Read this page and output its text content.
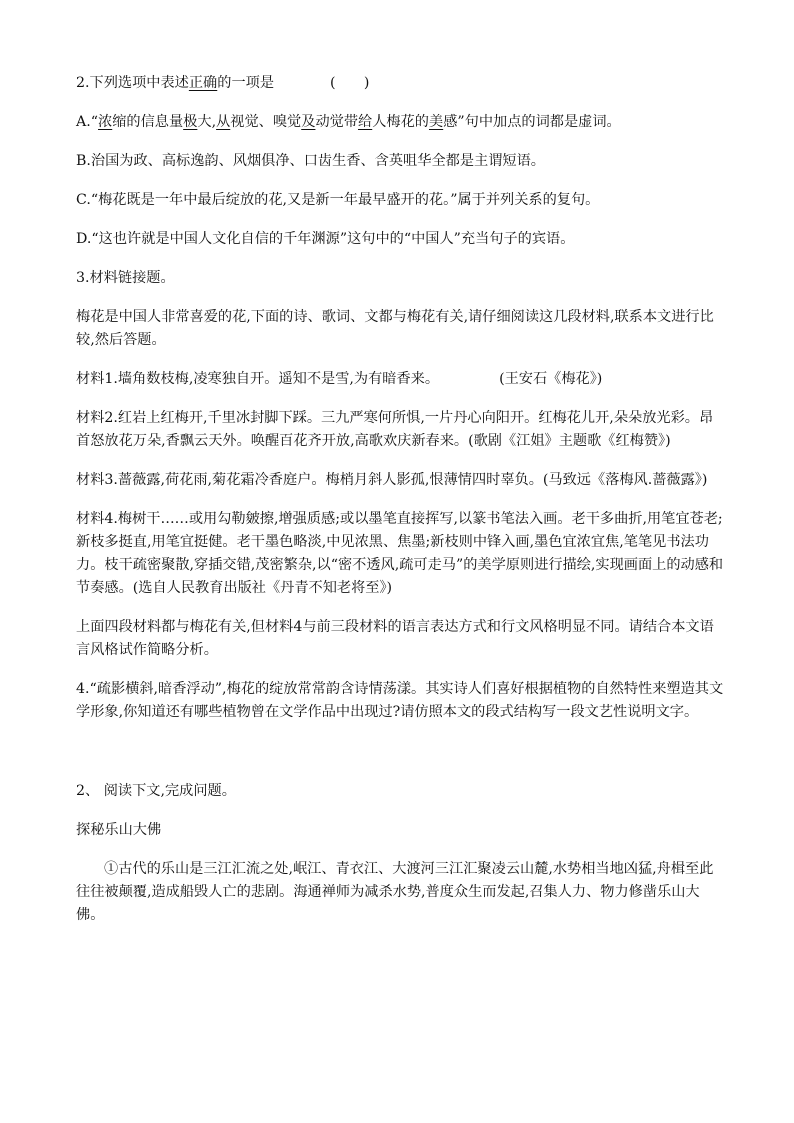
2.下列选项中表述正确的一项是	(　　)

A.“浓缩的信息量极大,从视觉、嗅觉及动觉带给人梅花的美感”句中加点的词都是虚词。

B.治国为政、高标逸韵、风烟俱净、口齿生香、含英咀华全都是主谓短语。

C.“梅花既是一年中最后绽放的花,又是新一年最早盛开的花。”属于并列关系的复句。

D.“这也许就是中国人文化自信的千年渊源”这句中的“中国人”充当句子的宾语。

3.材料链接题。

梅花是中国人非常喜爱的花,下面的诗、歌词、文都与梅花有关,请仔细阅读这几段材料,联系本文进行比较,然后答题。

材料1.墙角数枝梅,凌寒独自开。遥知不是雪,为有暗香来。	(王安石《梅花》)

材料2.红岩上红梅开,千里冰封脚下踩。三九严寒何所惧,一片丹心向阳开。红梅花儿开,朵朵放光彩。昂首怒放花万朵,香飘云天外。唤醒百花齐开放,高歌欢庆新春来。(歌剧《江姐》主题歌《红梅赞》)

材料3.蔷薇露,荷花雨,菊花霜冷香庭户。梅梢月斜人影孤,恨薄情四时辜负。(马致远《落梅风.蔷薇露》)

材料4.梅树干……或用勾勒皴擦,增强质感;或以墨笔直接挥写,以篆书笔法入画。老干多曲折,用笔宜苍老;新枝多挺直,用笔宜挺健。老干墨色略淡,中见浓黑、焦墨;新枝则中锋入画,墨色宜浓宜焦,笔笔见书法功力。枝干疏密聚散,穿插交错,茂密繁杂,以“密不透风,疏可走马”的美学原则进行描绘,实现画面上的动感和节奏感。(选自人民教育出版社《丹青不知老将至》)

上面四段材料都与梅花有关,但材料4与前三段材料的语言表达方式和行文风格明显不同。请结合本文语言风格试作简略分析。

4.“疏影横斜,暗香浮动”,梅花的绽放常常韵含诗情荡漾。其实诗人们喜好根据植物的自然特性来塑造其文学形象,你知道还有哪些植物曾在文学作品中出现过?请仿照本文的段式结构写一段文艺性说明文字。

2、 阅读下文,完成问题。

探秘乐山大佛

①古代的乐山是三江汇流之处,岷江、青衣江、大渡河三江汇聚凌云山麓,水势相当地凶猛,舟楫至此往往被颠覆,造成船毁人亡的悲剧。海通禅师为减杀水势,普度众生而发起,召集人力、物力修凿乐山大佛。
